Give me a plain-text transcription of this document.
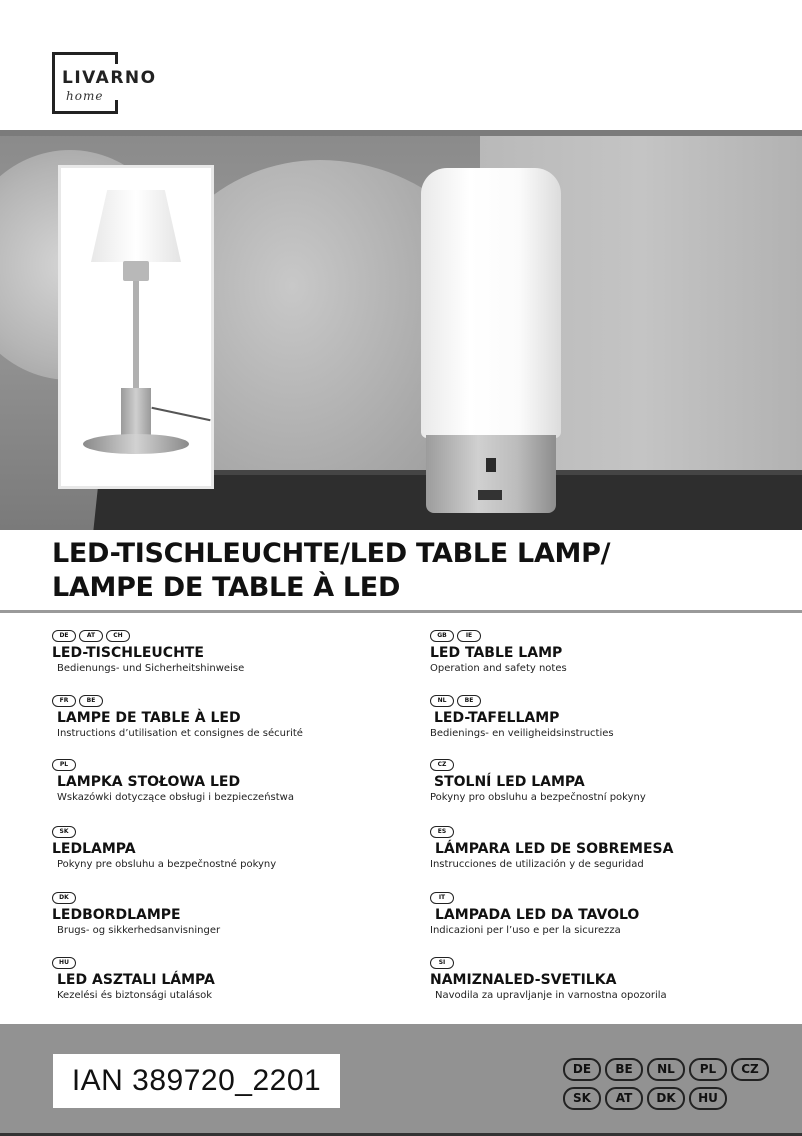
LIVARNO
home
LED-TISCHLEUCHTE/LED TABLE LAMP/
LAMPE DE TABLE À LED
DE	AT	CH
LED-TISCHLEUCHTE
Bedienungs- und Sicherheitshinweise
GB	IE
LED TABLE LAMP
Operation and safety notes
FR	BE
LAMPE DE TABLE À LED
Instructions d’utilisation et consignes de sécurité
NL	BE
LED-TAFELLAMP
Bedienings- en veiligheidsinstructies
PL
LAMPKA STOŁOWA LED
Wskazówki dotyczące obsługi i bezpieczeństwa
CZ
STOLNÍ LED LAMPA
Pokyny pro obsluhu a bezpečnostní pokyny
SK
LEDLAMPA
Pokyny pre obsluhu a bezpečnostné pokyny
ES
LÁMPARA LED DE SOBREMESA
Instrucciones de utilización y de seguridad
DK
LEDBORDLAMPE
Brugs- og sikkerhedsanvisninger
IT
LAMPADA LED DA TAVOLO
Indicazioni per l’uso e per la sicurezza
HU
LED ASZTALI LÁMPA
Kezelési és biztonsági utalások
SI
NAMIZNALED-SVETILKA
Navodila za upravljanje in varnostna opozorila
IAN 389720_2201	DE	BE	NL	PL	CZ
SK	AT	DK	HU
